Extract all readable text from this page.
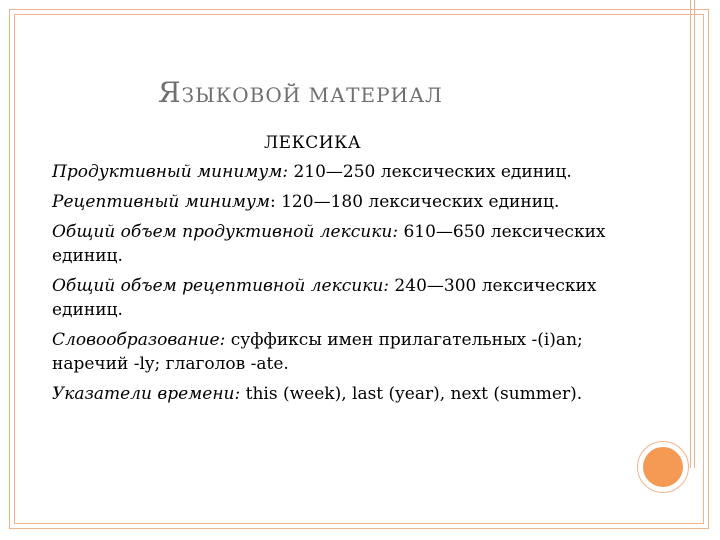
ЯЗЫКОВОЙ МАТЕРИАЛ
ЛЕКСИКА

Продуктивный минимум: 210—250 лексических единиц.

Рецептивный минимум: 120—180 лексических единиц.

Общий объем продуктивной лексики: 610—650 лексических единиц.

Общий объем рецептивной лексики: 240—300 лексических единиц.

Словообразование: суффиксы имен прилагательных -(i)an; наречий -ly; глаголов -ate.

Указатели времени: this (week), last (year), next (summer).
